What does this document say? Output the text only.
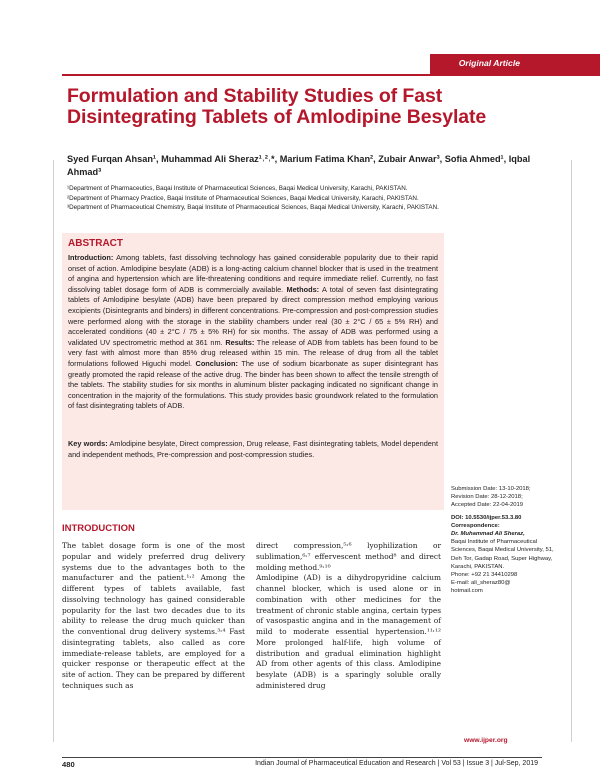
Original Article
Formulation and Stability Studies of Fast Disintegrating Tablets of Amlodipine Besylate
Syed Furqan Ahsan¹, Muhammad Ali Sheraz¹˒²˒*, Marium Fatima Khan², Zubair Anwar³, Sofia Ahmed¹, Iqbal Ahmad³
¹Department of Pharmaceutics, Baqai Institute of Pharmaceutical Sciences, Baqai Medical University, Karachi, PAKISTAN.
²Department of Pharmacy Practice, Baqai Institute of Pharmaceutical Sciences, Baqai Medical University, Karachi, PAKISTAN.
³Department of Pharmaceutical Chemistry, Baqai Institute of Pharmaceutical Sciences, Baqai Medical University, Karachi, PAKISTAN.
ABSTRACT
Introduction: Among tablets, fast dissolving technology has gained considerable popularity due to their rapid onset of action. Amlodipine besylate (ADB) is a long-acting calcium channel blocker that is used in the treatment of angina and hypertension which are life-threatening conditions and require immediate relief. Currently, no fast dissolving tablet dosage form of ADB is commercially available. Methods: A total of seven fast disintegrating tablets of Amlodipine besylate (ADB) have been prepared by direct compression method employing various excipients (Disintegrants and binders) in different concentrations. Pre-compression and post-compression studies were performed along with the storage in the stability chambers under real (30 ± 2°C / 65 ± 5% RH) and accelerated conditions (40 ± 2°C / 75 ± 5% RH) for six months. The assay of ADB was performed using a validated UV spectrometric method at 361 nm. Results: The release of ADB from tablets has been found to be very fast with almost more than 85% drug released within 15 min. The release of drug from all the tablet formulations followed Higuchi model. Conclusion: The use of sodium bicarbonate as super disintegrant has greatly promoted the rapid release of the active drug. The binder has been shown to affect the tensile strength of the tablets. The stability studies for six months in aluminum blister packaging indicated no significant change in concentration in the majority of the formulations. This study provides basic groundwork related to the formulation of fast disintegrating tablets of ADB.
Key words: Amlodipine besylate, Direct compression, Drug release, Fast disintegrating tablets, Model dependent and independent methods, Pre-compression and post-compression studies.
Submission Date: 13-10-2018;
Revision Date: 28-12-2018;
Accepted Date: 22-04-2019
DOI: 10.5530/ijper.53.3.80
Correspondence:
Dr. Muhammad Ali Sheraz,
Baqai Institute of Pharmaceutical Sciences, Baqai Medical University, 51, Deh Tor, Gadap Road, Super Highway, Karachi, PAKISTAN.
Phone: +92 21 34410298
E-mail: ali_sheraz80@
hotmail.com
INTRODUCTION
The tablet dosage form is one of the most popular and widely preferred drug delivery systems due to the advantages both to the manufacturer and the patient.¹˒² Among the different types of tablets available, fast dissolving technology has gained considerable popularity for the last two decades due to its ability to release the drug much quicker than the conventional drug delivery systems.³˒⁴ Fast disintegrating tablets, also called as core immediate-release tablets, are employed for a quicker response or therapeutic effect at the site of action. They can be prepared by different techniques such as
direct compression,⁵˒⁶ lyophilization or sublimation,⁶˒⁷ effervescent method⁸ and direct molding method.⁹˒¹⁰
Amlodipine (AD) is a dihydropyridine calcium channel blocker, which is used alone or in combination with other medicines for the treatment of chronic stable angina, certain types of vasospastic angina and in the management of mild to moderate essential hypertension.¹¹˒¹² More prolonged half-life, high volume of distribution and gradual elimination highlight AD from other agents of this class. Amlodipine besylate (ADB) is a sparingly soluble orally administered drug
www.ijper.org
480	Indian Journal of Pharmaceutical Education and Research | Vol 53 | Issue 3 | Jul-Sep, 2019
